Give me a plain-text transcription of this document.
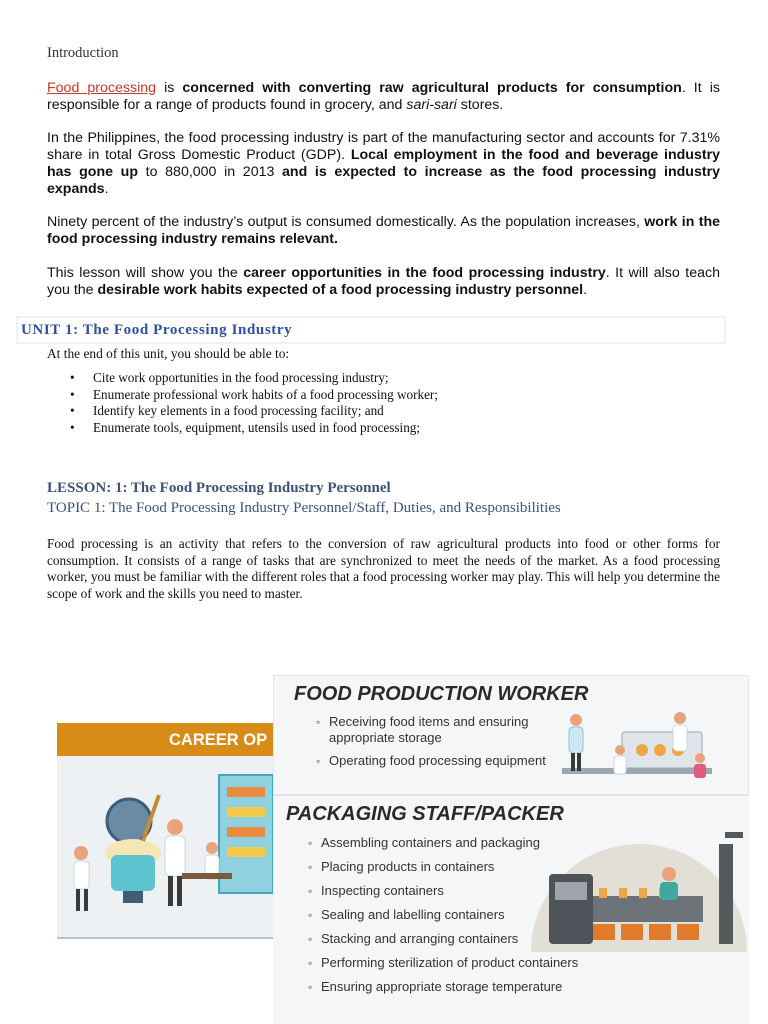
Introduction

Food processing is concerned with converting raw agricultural products for consumption. It is responsible for a range of products found in grocery, and sari-sari stores.

In the Philippines, the food processing industry is part of the manufacturing sector and accounts for 7.31% share in total Gross Domestic Product (GDP). Local employment in the food and beverage industry has gone up to 880,000 in 2013 and is expected to increase as the food processing industry expands.

Ninety percent of the industry’s output is consumed domestically. As the population increases, work in the food processing industry remains relevant.

This lesson will show you the career opportunities in the food processing industry. It will also teach you the desirable work habits expected of a food processing industry personnel.

UNIT 1: The Food Processing Industry
At the end of this unit, you should be able to:
• Cite work opportunities in the food processing industry;
• Enumerate professional work habits of a food processing worker;
• Identify key elements in a food processing facility; and
• Enumerate tools, equipment, utensils used in food processing;
LESSON: 1: The Food Processing Industry Personnel
TOPIC 1: The Food Processing Industry Personnel/Staff, Duties, and Responsibilities

Food processing is an activity that refers to the conversion of raw agricultural products into food or other forms for consumption. It consists of a range of tasks that are synchronized to meet the needs of the market. As a food processing worker, you must be familiar with the different roles that a food processing worker may play. This will help you determine the scope of work and the skills you need to master.

CAREER OP
FOOD PRODUCTION WORKER
◦ Receiving food items and ensuring appropriate storage
◦ Operating food processing equipment
PACKAGING STAFF/PACKER
◦ Assembling containers and packaging
◦ Placing products in containers
◦ Inspecting containers
◦ Sealing and labelling containers
◦ Stacking and arranging containers
◦ Performing sterilization of product containers
◦ Ensuring appropriate storage temperature
